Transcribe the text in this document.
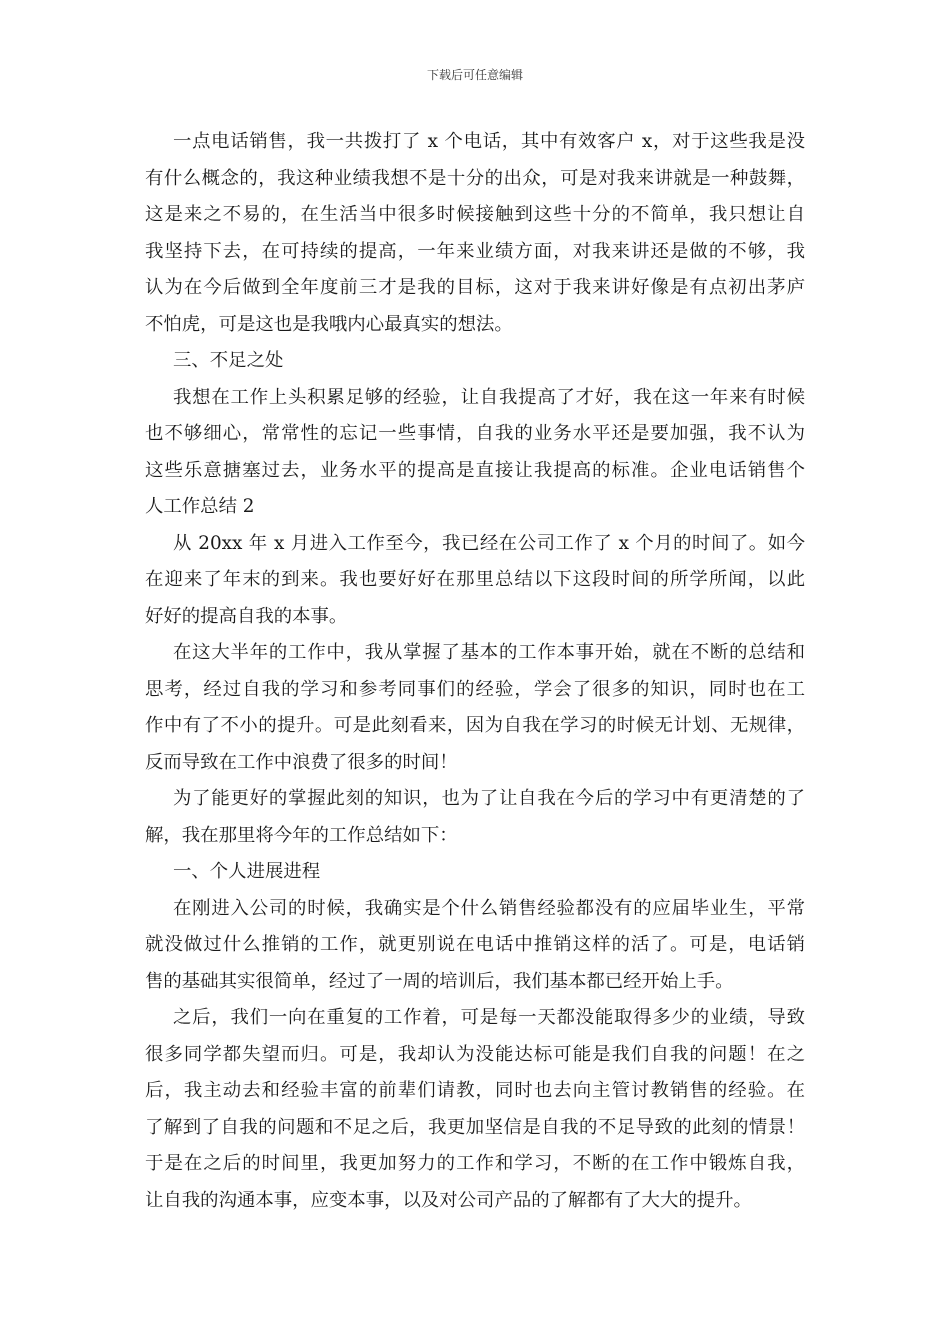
下载后可任意编辑
一点电话销售，我一共拨打了 x 个电话，其中有效客户 x，对于这些我是没
有什么概念的，我这种业绩我想不是十分的出众，可是对我来讲就是一种鼓舞，
这是来之不易的，在生活当中很多时候接触到这些十分的不简单，我只想让自
我坚持下去，在可持续的提高，一年来业绩方面，对我来讲还是做的不够，我
认为在今后做到全年度前三才是我的目标，这对于我来讲好像是有点初出茅庐
不怕虎，可是这也是我哦内心最真实的想法。
三、不足之处
我想在工作上头积累足够的经验，让自我提高了才好，我在这一年来有时候
也不够细心，常常性的忘记一些事情，自我的业务水平还是要加强，我不认为
这些乐意搪塞过去，业务水平的提高是直接让我提高的标准。企业电话销售个
人工作总结 2
从 20xx 年 x 月进入工作至今，我已经在公司工作了 x 个月的时间了。如今
在迎来了年末的到来。我也要好好在那里总结以下这段时间的所学所闻，以此
好好的提高自我的本事。
在这大半年的工作中，我从掌握了基本的工作本事开始，就在不断的总结和
思考，经过自我的学习和参考同事们的经验，学会了很多的知识，同时也在工
作中有了不小的提升。可是此刻看来，因为自我在学习的时候无计划、无规律，
反而导致在工作中浪费了很多的时间！
为了能更好的掌握此刻的知识，也为了让自我在今后的学习中有更清楚的了
解，我在那里将今年的工作总结如下：
一、个人进展进程
在刚进入公司的时候，我确实是个什么销售经验都没有的应届毕业生，平常
就没做过什么推销的工作，就更别说在电话中推销这样的活了。可是，电话销
售的基础其实很简单，经过了一周的培训后，我们基本都已经开始上手。
之后，我们一向在重复的工作着，可是每一天都没能取得多少的业绩，导致
很多同学都失望而归。可是，我却认为没能达标可能是我们自我的问题！在之
后，我主动去和经验丰富的前辈们请教，同时也去向主管讨教销售的经验。在
了解到了自我的问题和不足之后，我更加坚信是自我的不足导致的此刻的情景！
于是在之后的时间里，我更加努力的工作和学习，不断的在工作中锻炼自我，
让自我的沟通本事，应变本事，以及对公司产品的了解都有了大大的提升。
